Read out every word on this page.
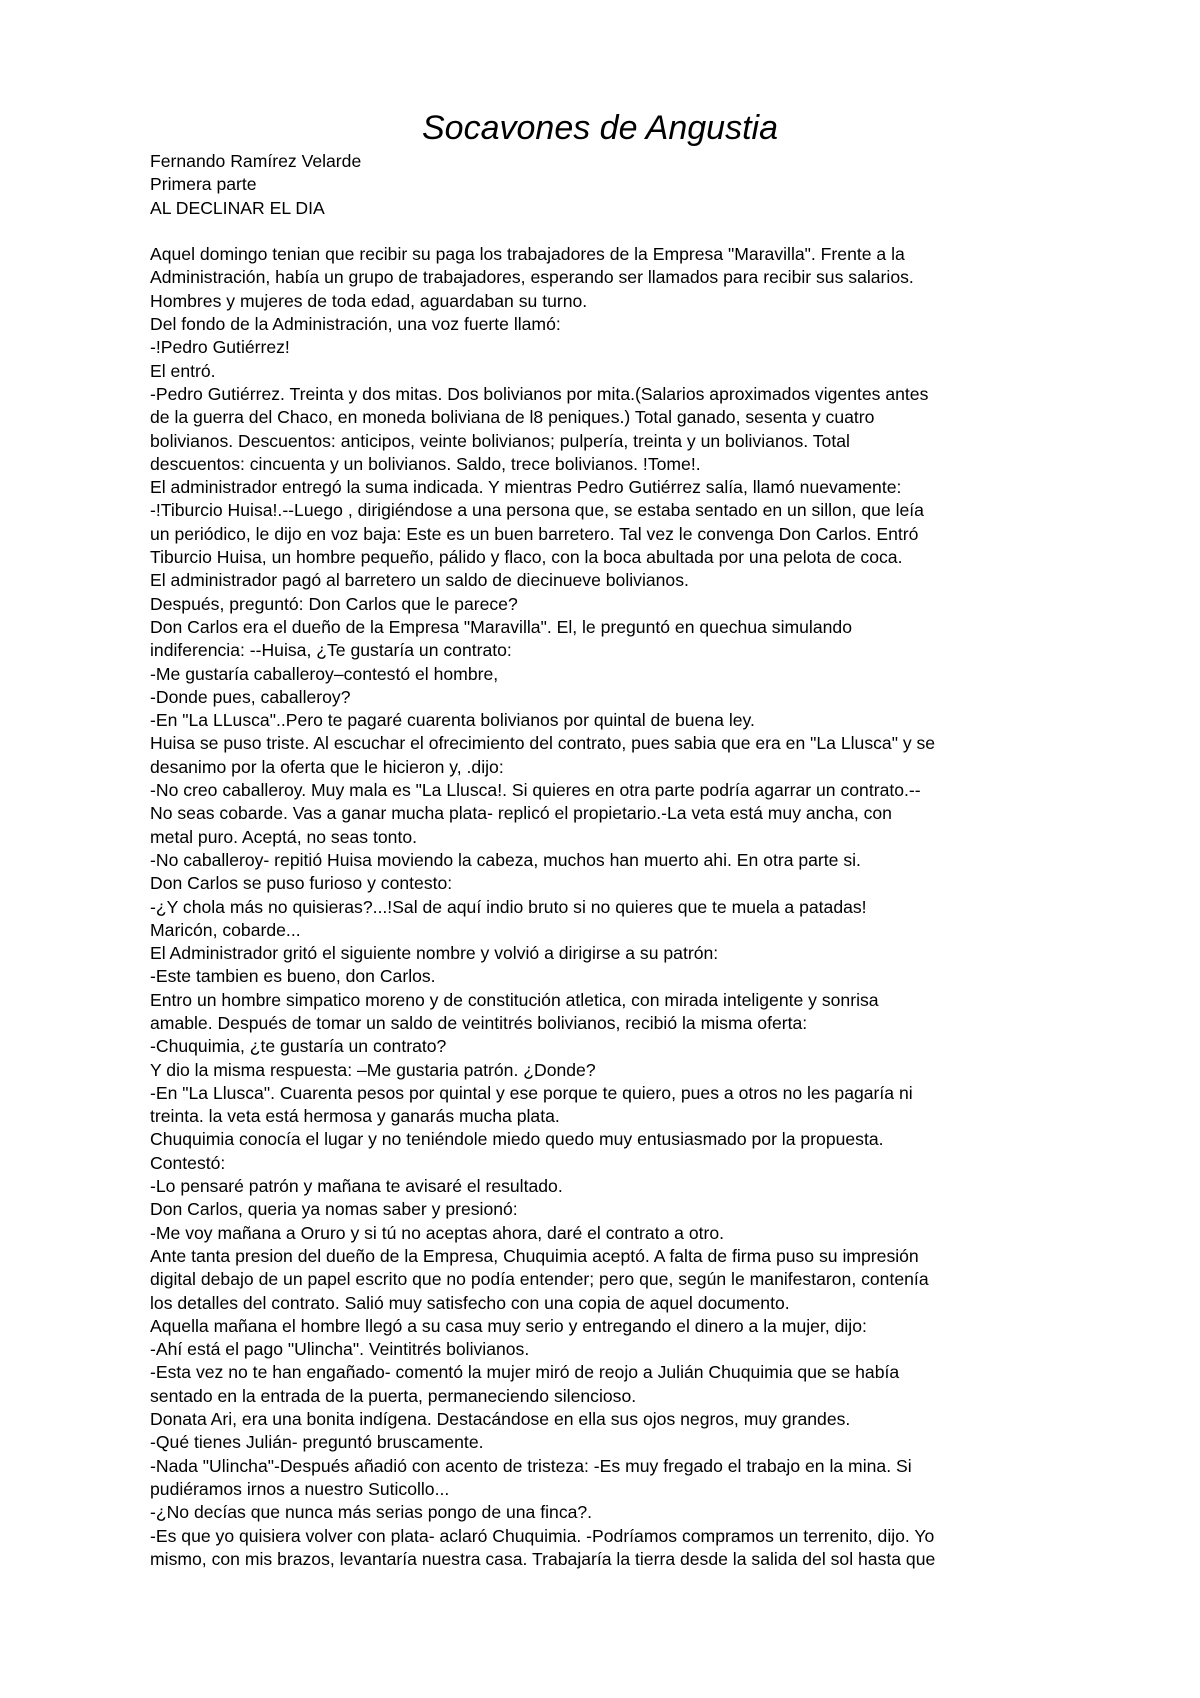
Socavones de Angustia
Fernando Ramírez Velarde
Primera parte
AL DECLINAR EL DIA
Aquel domingo tenian que recibir su paga los trabajadores de la Empresa "Maravilla". Frente a la
Administración, había un grupo de trabajadores, esperando ser llamados para recibir sus salarios.
Hombres y mujeres de toda edad, aguardaban su turno.
Del fondo de la Administración, una voz fuerte llamó:
-!Pedro Gutiérrez!
El entró.
-Pedro Gutiérrez. Treinta y dos mitas. Dos bolivianos por mita.(Salarios aproximados vigentes antes
de la guerra del Chaco, en moneda boliviana de l8 peniques.) Total ganado, sesenta y cuatro
bolivianos. Descuentos: anticipos, veinte bolivianos; pulpería, treinta y un bolivianos. Total
descuentos: cincuenta y un bolivianos. Saldo, trece bolivianos. !Tome!.
El administrador entregó la suma indicada. Y mientras Pedro Gutiérrez salía, llamó nuevamente:
-!Tiburcio Huisa!.--Luego , dirigiéndose a una persona que, se estaba sentado en un sillon, que leía
un periódico, le dijo en voz baja: Este es un buen barretero. Tal vez le convenga Don Carlos. Entró
Tiburcio Huisa, un hombre pequeño, pálido y flaco, con la boca abultada por una pelota de coca.
El administrador pagó al barretero un saldo de diecinueve bolivianos.
Después, preguntó: Don Carlos que le parece?
Don Carlos era el dueño de la Empresa "Maravilla". El, le preguntó en quechua simulando
indiferencia: --Huisa, ¿Te gustaría un contrato:
-Me gustaría caballeroy–contestó el hombre,
-Donde pues, caballeroy?
-En "La LLusca"..Pero te pagaré cuarenta bolivianos por quintal de buena ley.
Huisa se puso triste. Al escuchar el ofrecimiento del contrato, pues sabia que era en "La Llusca" y se
desanimo por la oferta que le hicieron y, .dijo:
-No creo caballeroy. Muy mala es "La Llusca!. Si quieres en otra parte podría agarrar un contrato.--
No seas cobarde. Vas a ganar mucha plata- replicó el propietario.-La veta está muy ancha, con
metal puro. Aceptá, no seas tonto.
-No caballeroy- repitió Huisa moviendo la cabeza, muchos han muerto ahi. En otra parte si.
Don Carlos se puso furioso y contesto:
-¿Y chola más no quisieras?...!Sal de aquí indio bruto si no quieres que te muela a patadas!
Maricón, cobarde...
El Administrador gritó el siguiente nombre y volvió a dirigirse a su patrón:
-Este tambien es bueno, don Carlos.
Entro un hombre simpatico moreno y de constitución atletica, con mirada inteligente y sonrisa
amable. Después de tomar un saldo de veintitrés bolivianos, recibió la misma oferta:
-Chuquimia, ¿te gustaría un contrato?
Y dio la misma respuesta: –Me gustaria patrón. ¿Donde?
-En "La Llusca". Cuarenta pesos por quintal y ese porque te quiero, pues a otros no les pagaría ni
treinta. la veta está hermosa y ganarás mucha plata.
Chuquimia conocía el lugar y no teniéndole miedo quedo muy entusiasmado por la propuesta.
Contestó:
-Lo pensaré patrón y mañana te avisaré el resultado.
Don Carlos, queria ya nomas saber y presionó:
-Me voy mañana a Oruro y si tú no aceptas ahora, daré el contrato a otro.
Ante tanta presion del dueño de la Empresa, Chuquimia aceptó. A falta de firma puso su impresión
digital debajo de un papel escrito que no podía entender; pero que, según le manifestaron, contenía
los detalles del contrato. Salió muy satisfecho con una copia de aquel documento.
Aquella mañana el hombre llegó a su casa muy serio y entregando el dinero a la mujer, dijo:
-Ahí está el pago "Ulincha". Veintitrés bolivianos.
-Esta vez no te han engañado- comentó la mujer miró de reojo a Julián Chuquimia que se había
sentado en la entrada de la puerta, permaneciendo silencioso.
Donata Ari, era una bonita indígena. Destacándose en ella sus ojos negros, muy grandes.
-Qué tienes Julián- preguntó bruscamente.
-Nada "Ulincha"-Después añadió con acento de tristeza: -Es muy fregado el trabajo en la mina. Si
pudiéramos irnos a nuestro Suticollo...
-¿No decías que nunca más serias pongo de una finca?.
-Es que yo quisiera volver con plata- aclaró Chuquimia. -Podríamos compramos un terrenito, dijo. Yo
mismo, con mis brazos, levantaría nuestra casa. Trabajaría la tierra desde la salida del sol hasta que
